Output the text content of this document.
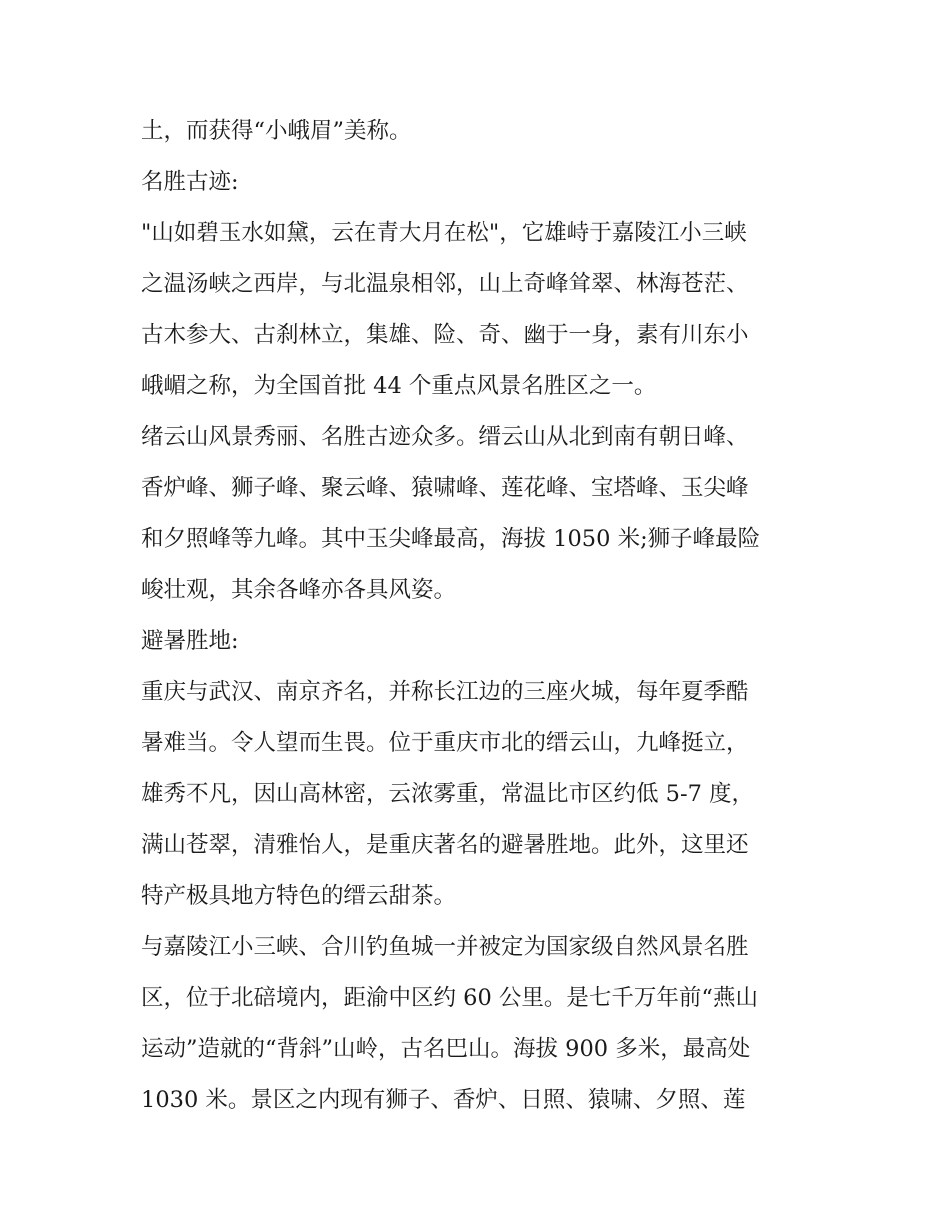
土，而获得“小峨眉”美称。
名胜古迹:
"山如碧玉水如黛，云在青大月在松"，它雄峙于嘉陵江小三峡
之温汤峡之西岸，与北温泉相邻，山上奇峰耸翠、林海苍茫、
古木参大、古刹林立，集雄、险、奇、幽于一身，素有川东小
峨嵋之称，为全国首批 44 个重点风景名胜区之一。
绪云山风景秀丽、名胜古迹众多。缙云山从北到南有朝日峰、
香炉峰、狮子峰、聚云峰、猿啸峰、莲花峰、宝塔峰、玉尖峰
和夕照峰等九峰。其中玉尖峰最高，海拔 1050 米;狮子峰最险
峻壮观，其余各峰亦各具风姿。
避暑胜地:
重庆与武汉、南京齐名，并称长江边的三座火城，每年夏季酷
暑难当。令人望而生畏。位于重庆市北的缙云山，九峰挺立，
雄秀不凡，因山高林密，云浓雾重，常温比市区约低 5-7 度，
满山苍翠，清雅怡人，是重庆著名的避暑胜地。此外，这里还
特产极具地方特色的缙云甜茶。
与嘉陵江小三峡、合川钓鱼城一并被定为国家级自然风景名胜
区，位于北碚境内，距渝中区约 60 公里。是七千万年前“燕山
运动”造就的“背斜”山岭，古名巴山。海拔 900 多米，最高处
1030 米。景区之内现有狮子、香炉、日照、猿啸、夕照、莲
